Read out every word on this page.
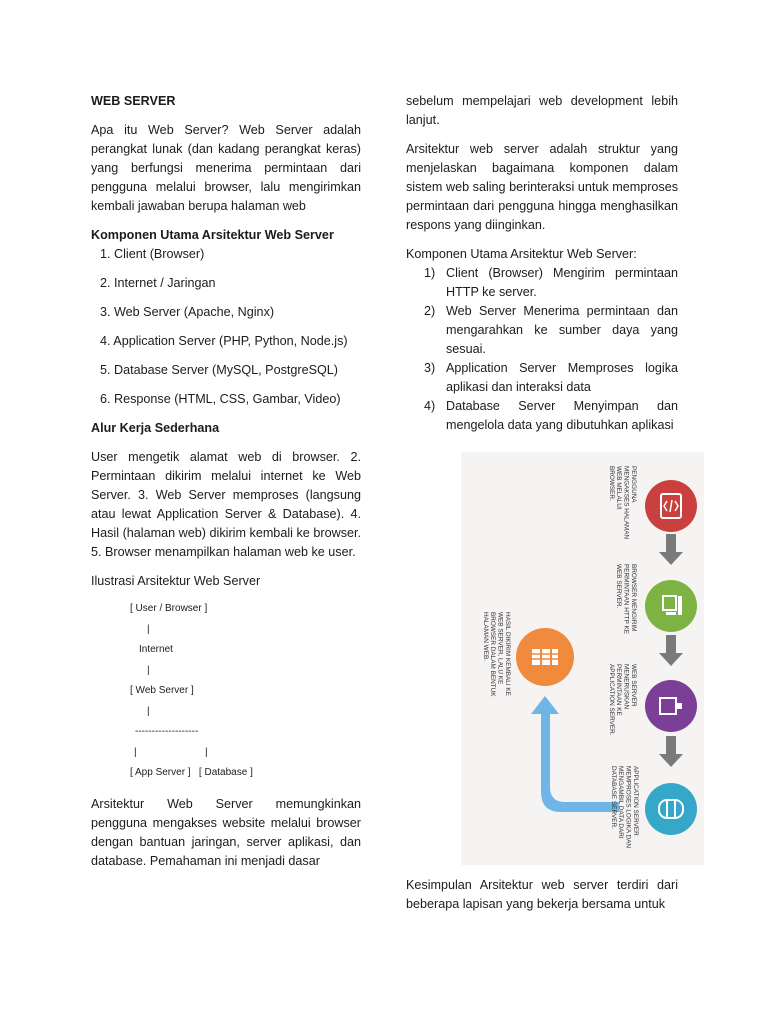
WEB SERVER

Apa itu Web Server? Web Server adalah perangkat lunak (dan kadang perangkat keras) yang berfungsi menerima permintaan dari pengguna melalui browser, lalu mengirimkan kembali jawaban berupa halaman web

Komponen Utama Arsitektur Web Server

1. Client (Browser)
2. Internet / Jaringan
3. Web Server (Apache, Nginx)
4. Application Server (PHP, Python, Node.js)
5. Database Server (MySQL, PostgreSQL)
6. Response (HTML, CSS, Gambar, Video)

Alur Kerja Sederhana

User mengetik alamat web di browser. 2. Permintaan dikirim melalui internet ke Web Server. 3. Web Server memproses (langsung atau lewat Application Server & Database). 4. Hasil (halaman web) dikirim kembali ke browser. 5. Browser menampilkan halaman web ke user.

Ilustrasi Arsitektur Web Server

[ User / Browser ]
|
Internet
|
[ Web Server ]
|
-------------------
|	|
[ App Server ]   [ Database ]

Arsitektur Web Server memungkinkan pengguna mengakses website melalui browser dengan bantuan jaringan, server aplikasi, dan database. Pemahaman ini menjadi dasar

sebelum mempelajari web development lebih lanjut.

Arsitektur web server adalah struktur yang menjelaskan bagaimana komponen dalam sistem web saling berinteraksi untuk memproses permintaan dari pengguna hingga menghasilkan respons yang diinginkan.

Komponen Utama Arsitektur Web Server:

1) Client (Browser) Mengirim permintaan HTTP ke server.
2) Web Server Menerima permintaan dan mengarahkan ke sumber daya yang sesuai.
3) Application Server Memproses logika aplikasi dan interaksi data
4) Database Server Menyimpan dan mengelola data yang dibutuhkan aplikasi
PENGGUNA MENGAKSES HALAMAN WEB MELALUI BROWSER.
BROWSER MENGIRIM PERMINTAAN HTTP KE WEB SERVER.
WEB SERVER MENERUSKAN PERMINTAAN KE APPLICATION SERVER.
APPLICATION SERVER MEMPROSES LOGIKA DAN MENGAMBIL DATA DARI DATABASE SERVER.
HASIL DIKIRIM KEMBALI KE WEB SERVER, LALU KE BROWSER DALAM BENTUK HALAMAN WEB.

Kesimpulan Arsitektur web server terdiri dari beberapa lapisan yang bekerja bersama untuk
